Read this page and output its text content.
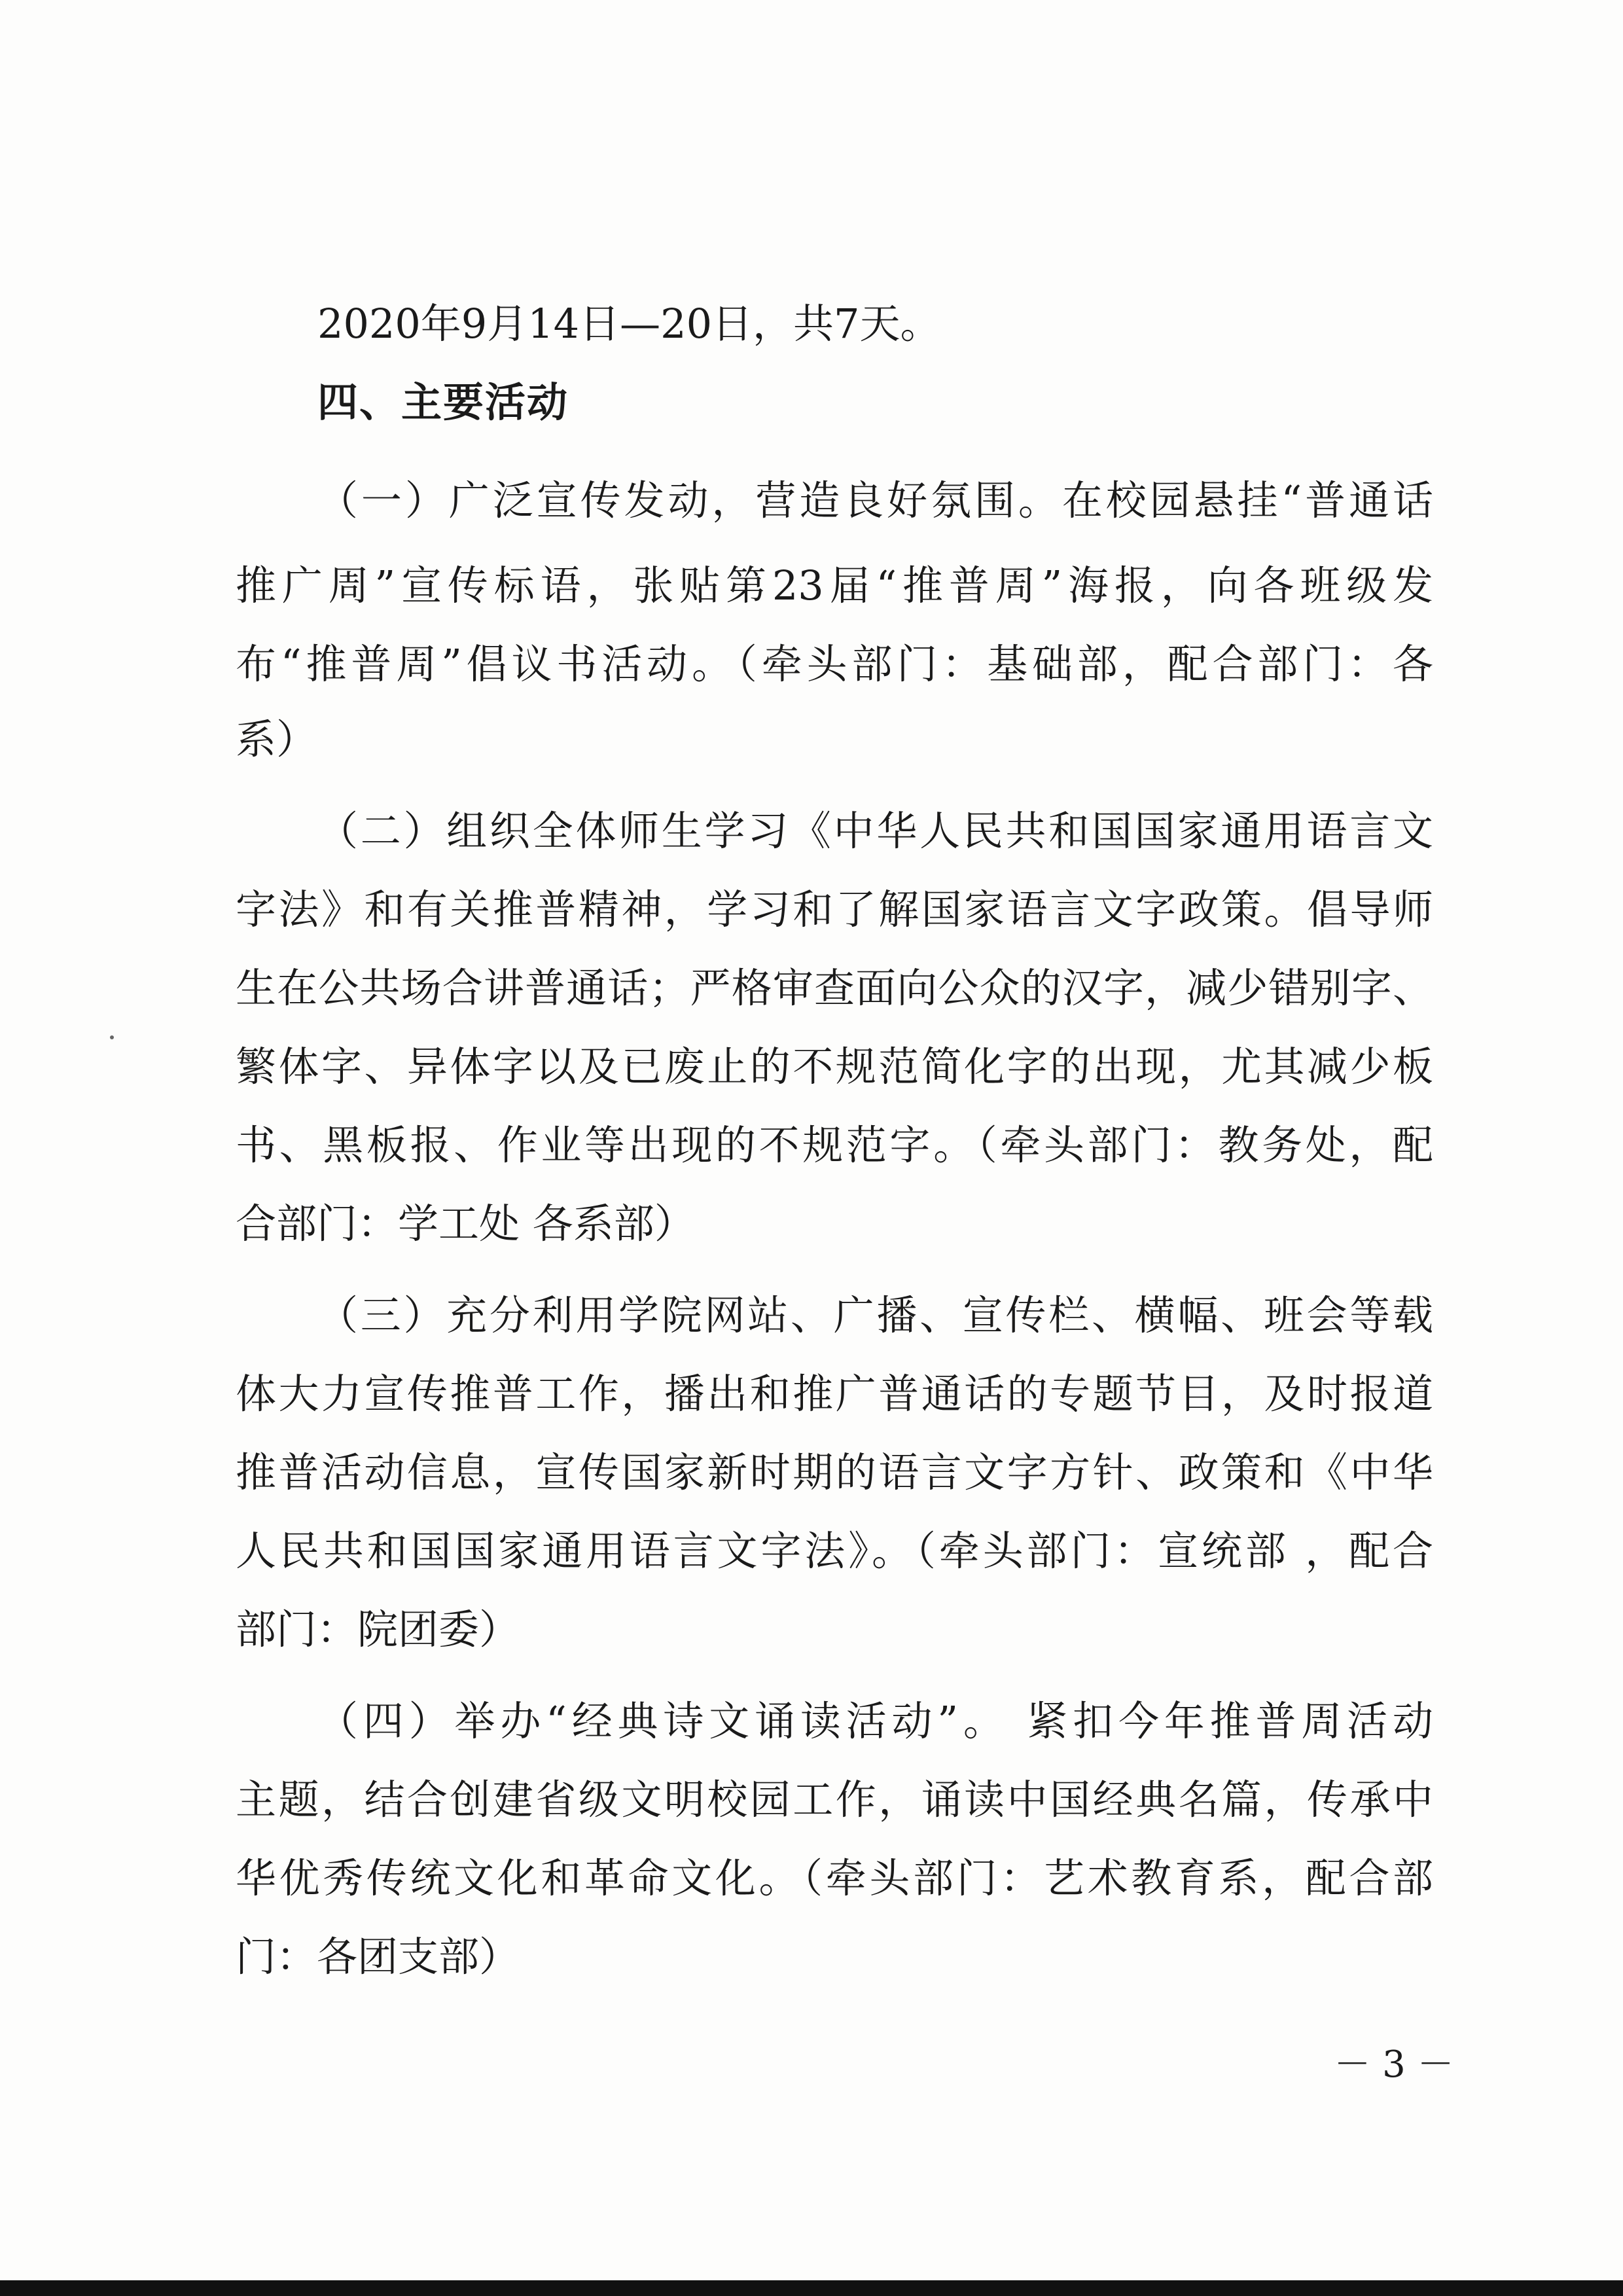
2020年9月14日—20日，共7天。
四、主要活动
（一）广泛宣传发动，营造良好氛围。在校园悬挂“普通话
推广周”宣传标语，张贴第23届“推普周”海报，向各班级发
布“推普周”倡议书活动。（牵头部门：基础部，配合部门：各
系）
（二）组织全体师生学习《中华人民共和国国家通用语言文
字法》和有关推普精神，学习和了解国家语言文字政策。倡导师
生在公共场合讲普通话；严格审查面向公众的汉字，减少错别字、
繁体字、异体字以及已废止的不规范简化字的出现，尤其减少板
书、黑板报、作业等出现的不规范字。（牵头部门：教务处，配
合部门：学工处 各系部）
（三）充分利用学院网站、广播、宣传栏、横幅、班会等载
体大力宣传推普工作，播出和推广普通话的专题节目，及时报道
推普活动信息，宣传国家新时期的语言文字方针、政策和《中华
人民共和国国家通用语言文字法》。（牵头部门：宣统部 ，配合
部门：院团委）
（四）举办“经典诗文诵读活动”。 紧扣今年推普周活动
主题，结合创建省级文明校园工作，诵读中国经典名篇，传承中
华优秀传统文化和革命文化。（牵头部门：艺术教育系，配合部
门：各团支部）
－ 3 －
